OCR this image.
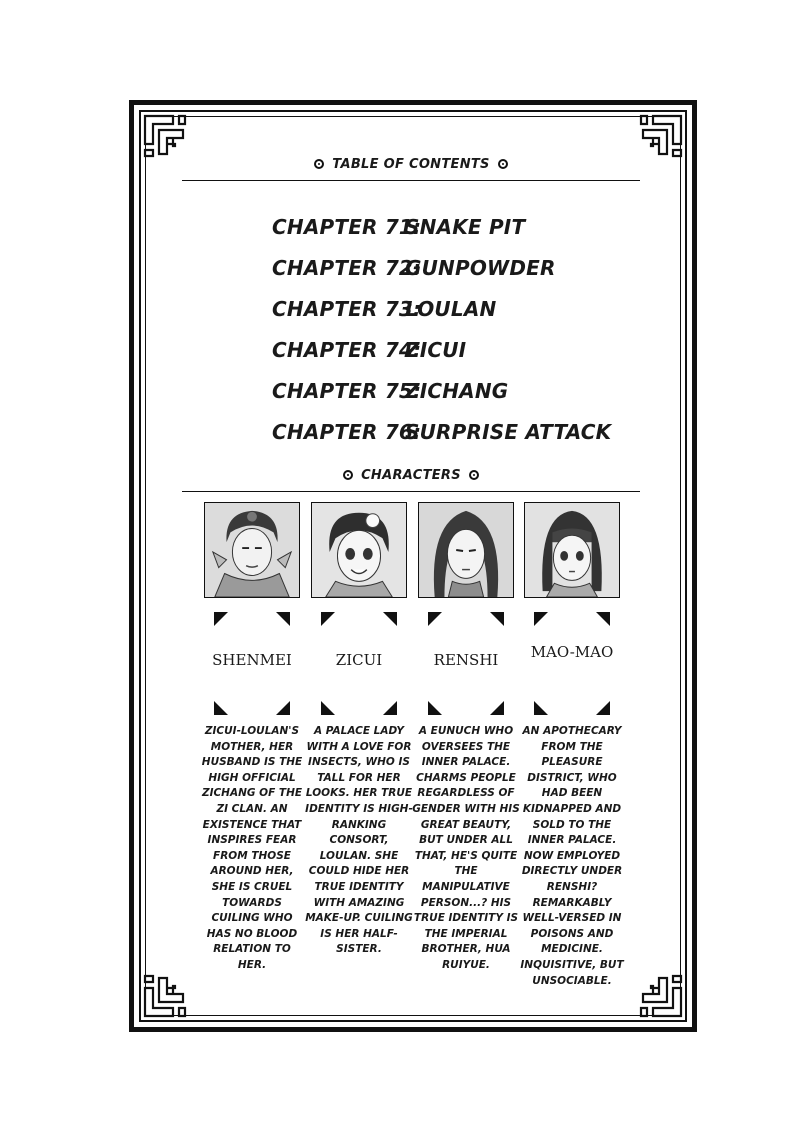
TABLE OF CONTENTS
CHAPTER 71:
SNAKE PIT
CHAPTER 72:
GUNPOWDER
CHAPTER 73:
LOULAN
CHAPTER 74:
ZICUI
CHAPTER 75:
ZICHANG
CHAPTER 76:
SURPRISE ATTACK
CHARACTERS
SHENMEI
ZICUI-LOULAN'S MOTHER, HER HUSBAND IS THE HIGH OFFICIAL ZICHANG OF THE ZI CLAN. AN EXISTENCE THAT INSPIRES FEAR FROM THOSE AROUND HER, SHE IS CRUEL TOWARDS CUILING WHO HAS NO BLOOD RELATION TO HER.
ZICUI
A PALACE LADY WITH A LOVE FOR INSECTS, WHO IS TALL FOR HER LOOKS. HER TRUE IDENTITY IS HIGH-RANKING CONSORT, LOULAN. SHE COULD HIDE HER TRUE IDENTITY WITH AMAZING MAKE-UP. CUILING IS HER HALF-SISTER.
RENSHI
A EUNUCH WHO OVERSEES THE INNER PALACE. CHARMS PEOPLE REGARDLESS OF GENDER WITH HIS GREAT BEAUTY, BUT UNDER ALL THAT, HE'S QUITE THE MANIPULATIVE PERSON...? HIS TRUE IDENTITY IS THE IMPERIAL BROTHER, HUA RUIYUE.
MAO-MAO
AN APOTHECARY FROM THE PLEASURE DISTRICT, WHO HAD BEEN KIDNAPPED AND SOLD TO THE INNER PALACE. NOW EMPLOYED DIRECTLY UNDER RENSHI? REMARKABLY WELL-VERSED IN POISONS AND MEDICINE. INQUISITIVE, BUT UNSOCIABLE.
